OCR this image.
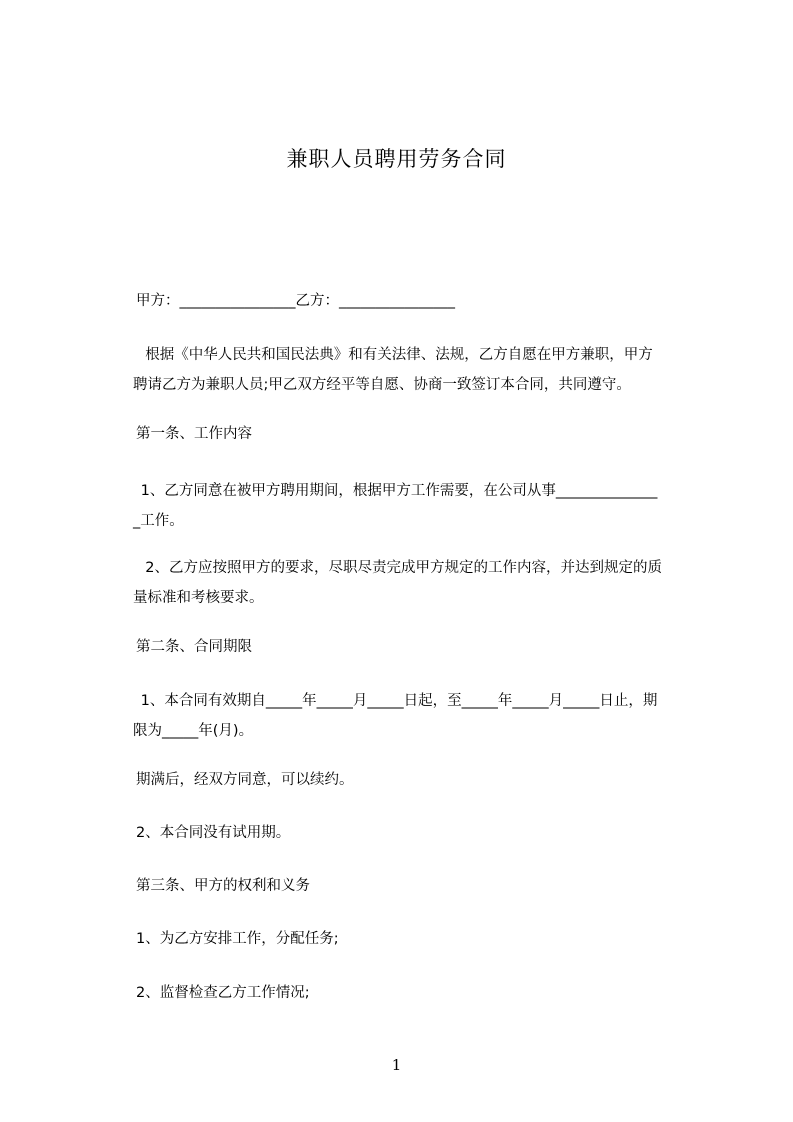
兼职人员聘用劳务合同
甲方：________________乙方：________________
根据《中华人民共和国民法典》和有关法律、法规，乙方自愿在甲方兼职，甲方
聘请乙方为兼职人员;甲乙双方经平等自愿、协商一致签订本合同，共同遵守。
第一条、工作内容
1、乙方同意在被甲方聘用期间，根据甲方工作需要，在公司从事______________
_工作。
2、乙方应按照甲方的要求，尽职尽责完成甲方规定的工作内容，并达到规定的质
量标准和考核要求。
第二条、合同期限
1、本合同有效期自_____年_____月_____日起，至_____年_____月_____日止，期
限为_____年(月)。
期满后，经双方同意，可以续约。
2、本合同没有试用期。
第三条、甲方的权利和义务
1、为乙方安排工作，分配任务;
2、监督检查乙方工作情况;
1
